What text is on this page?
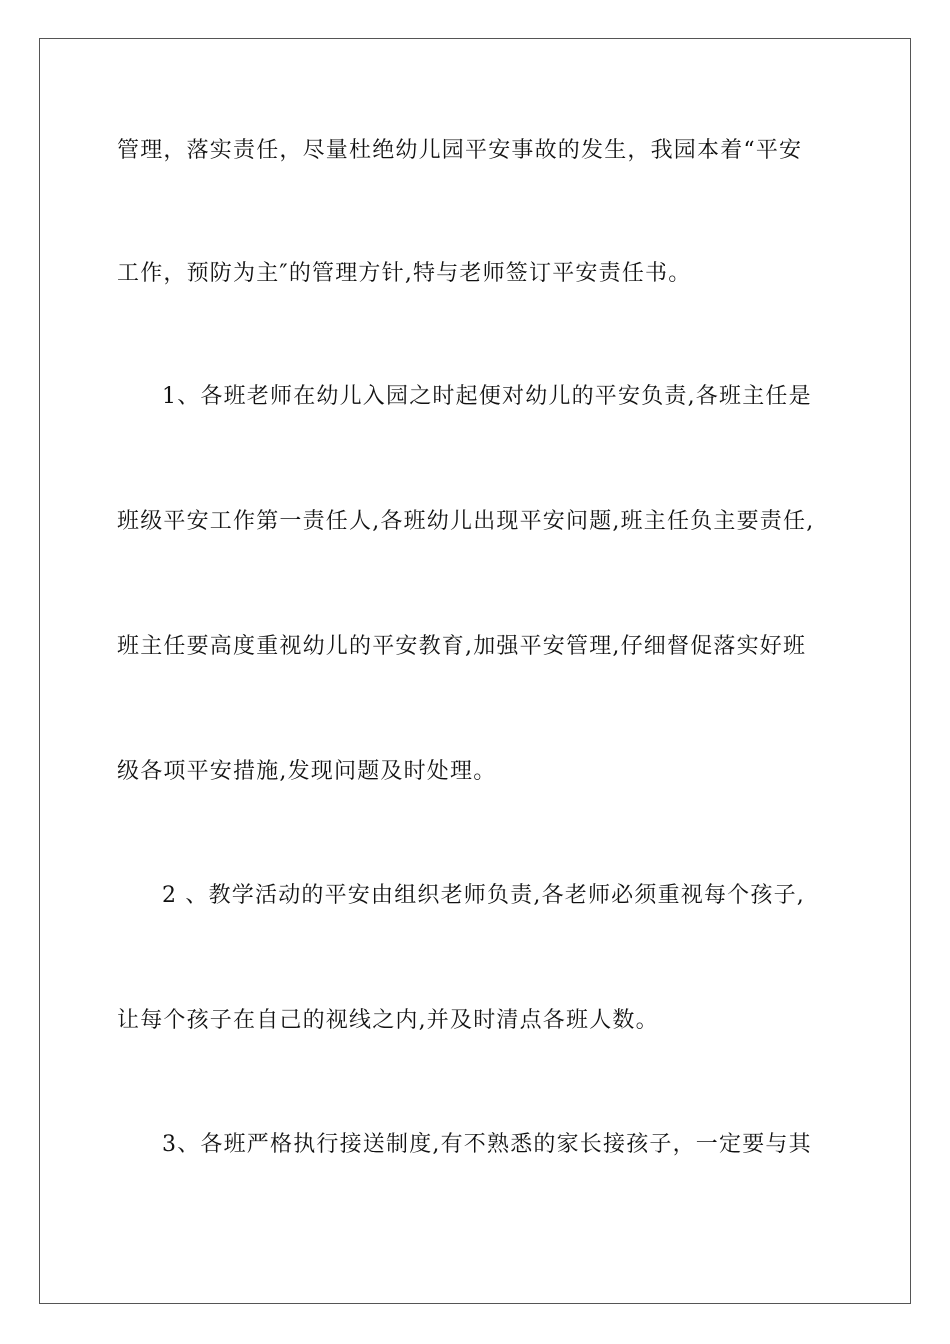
管理，落实责任，尽量杜绝幼儿园平安事故的发生，我园本着“平安
工作，预防为主″的管理方针,特与老师签订平安责任书。
1、各班老师在幼儿入园之时起便对幼儿的平安负责,各班主任是
班级平安工作第一责任人,各班幼儿出现平安问题,班主任负主要责任,
班主任要高度重视幼儿的平安教育,加强平安管理,仔细督促落实好班
级各项平安措施,发现问题及时处理。
2 、教学活动的平安由组织老师负责,各老师必须重视每个孩子,
让每个孩子在自己的视线之内,并及时清点各班人数。
3、各班严格执行接送制度,有不熟悉的家长接孩子，一定要与其
